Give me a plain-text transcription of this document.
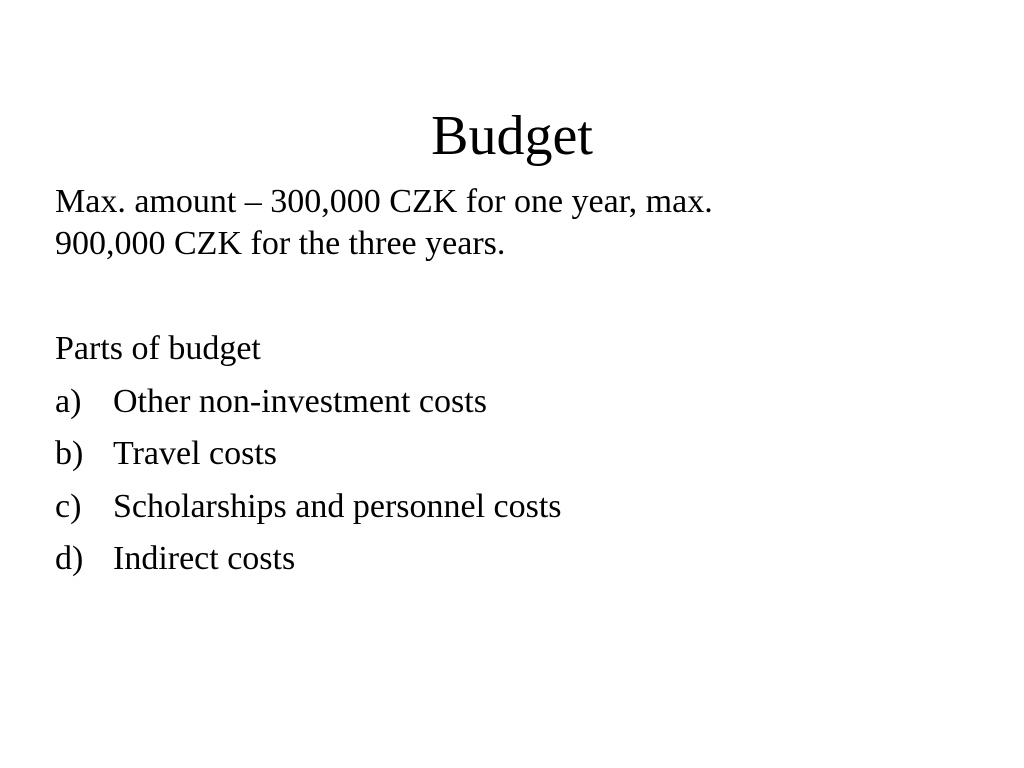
Budget
Max. amount – 300,000 CZK for one year, max.
900,000 CZK for the three years.
Parts of budget
a) Other non-investment costs
b) Travel costs
c) Scholarships and personnel costs
d) Indirect costs
